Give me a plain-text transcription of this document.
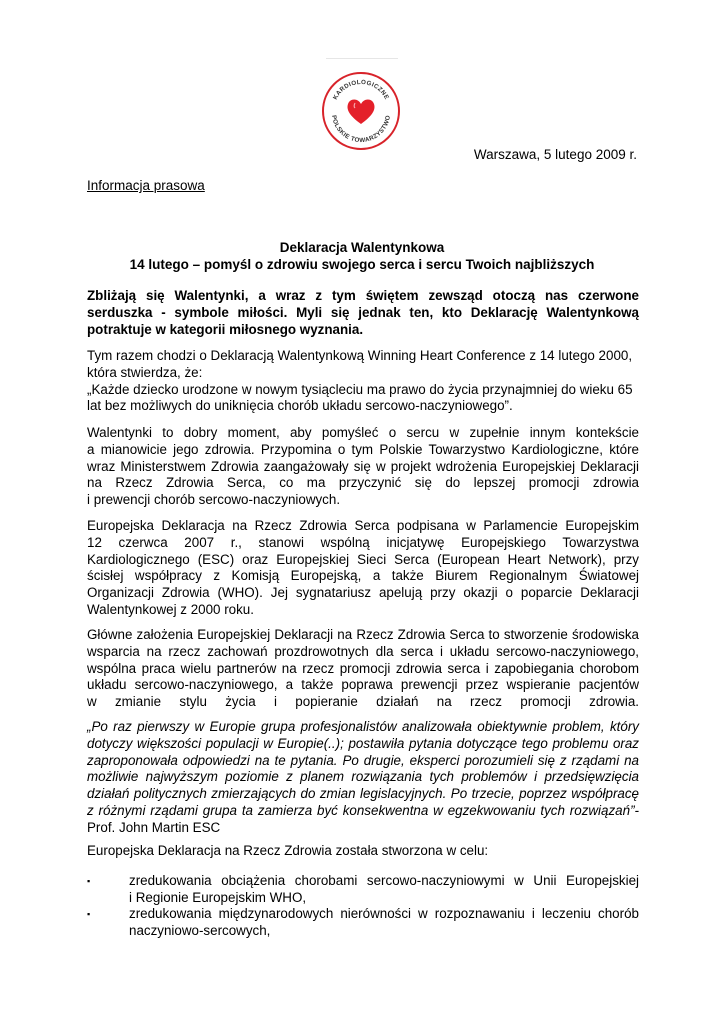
KARDIOLOGICZNE
POLSKIE TOWARZYSTWO
Warszawa, 5 lutego 2009 r.
Informacja prasowa
Deklaracja Walentynkowa
14 lutego – pomyśl o zdrowiu swojego serca i sercu Twoich najbliższych
Zbliżają się Walentynki, a wraz z tym świętem zewsząd otoczą nas czerwone
serduszka - symbole miłości. Myli się jednak ten, kto Deklarację Walentynkową
potraktuje w kategorii miłosnego wyznania.
Tym razem chodzi o Deklaracją Walentynkową Winning Heart Conference z 14 lutego 2000,
która stwierdza, że:
„Każde dziecko urodzone w nowym tysiącleciu ma prawo do życia przynajmniej do wieku 65
lat bez możliwych do uniknięcia chorób układu sercowo-naczyniowego”.
Walentynki to dobry moment, aby pomyśleć o sercu w zupełnie innym kontekście
a mianowicie jego zdrowia. Przypomina o tym Polskie Towarzystwo Kardiologiczne, które
wraz Ministerstwem Zdrowia zaangażowały się w projekt wdrożenia Europejskiej Deklaracji
na Rzecz Zdrowia Serca, co ma przyczynić się do lepszej promocji zdrowia
i prewencji chorób sercowo-naczyniowych.
Europejska Deklaracja na Rzecz Zdrowia Serca podpisana w Parlamencie Europejskim
12 czerwca 2007 r., stanowi wspólną inicjatywę Europejskiego Towarzystwa
Kardiologicznego (ESC) oraz Europejskiej Sieci Serca (European Heart Network), przy
ścisłej współpracy z Komisją Europejską, a także Biurem Regionalnym Światowej
Organizacji Zdrowia (WHO). Jej sygnatariusz apelują przy okazji o poparcie Deklaracji
Walentynkowej z 2000 roku.
Główne założenia Europejskiej Deklaracji na Rzecz Zdrowia Serca to stworzenie środowiska
wsparcia na rzecz zachowań prozdrowotnych dla serca i układu sercowo-naczyniowego,
wspólna praca wielu partnerów na rzecz promocji zdrowia serca i zapobiegania chorobom
układu sercowo-naczyniowego, a także poprawa prewencji przez wspieranie pacjentów
w zmianie stylu życia i popieranie działań na rzecz promocji zdrowia.
„Po raz pierwszy w Europie grupa profesjonalistów analizowała obiektywnie problem, który
dotyczy większości populacji w Europie(..); postawiła pytania dotyczące tego problemu oraz
zaproponowała odpowiedzi na te pytania. Po drugie, eksperci porozumieli się z rządami na
możliwie najwyższym poziomie z planem rozwiązania tych problemów i przedsięwzięcia
działań politycznych zmierzających do zmian legislacyjnych. Po trzecie, poprzez współpracę
z różnymi rządami grupa ta zamierza być konsekwentna w egzekwowaniu tych rozwiązań”-
Prof. John Martin ESC
Europejska Deklaracja na Rzecz Zdrowia została stworzona w celu:
▪	zredukowania obciążenia chorobami sercowo-naczyniowymi w Unii Europejskiej
i Regionie Europejskim WHO,
▪	zredukowania międzynarodowych nierówności w rozpoznawaniu i leczeniu chorób
naczyniowo-sercowych,
